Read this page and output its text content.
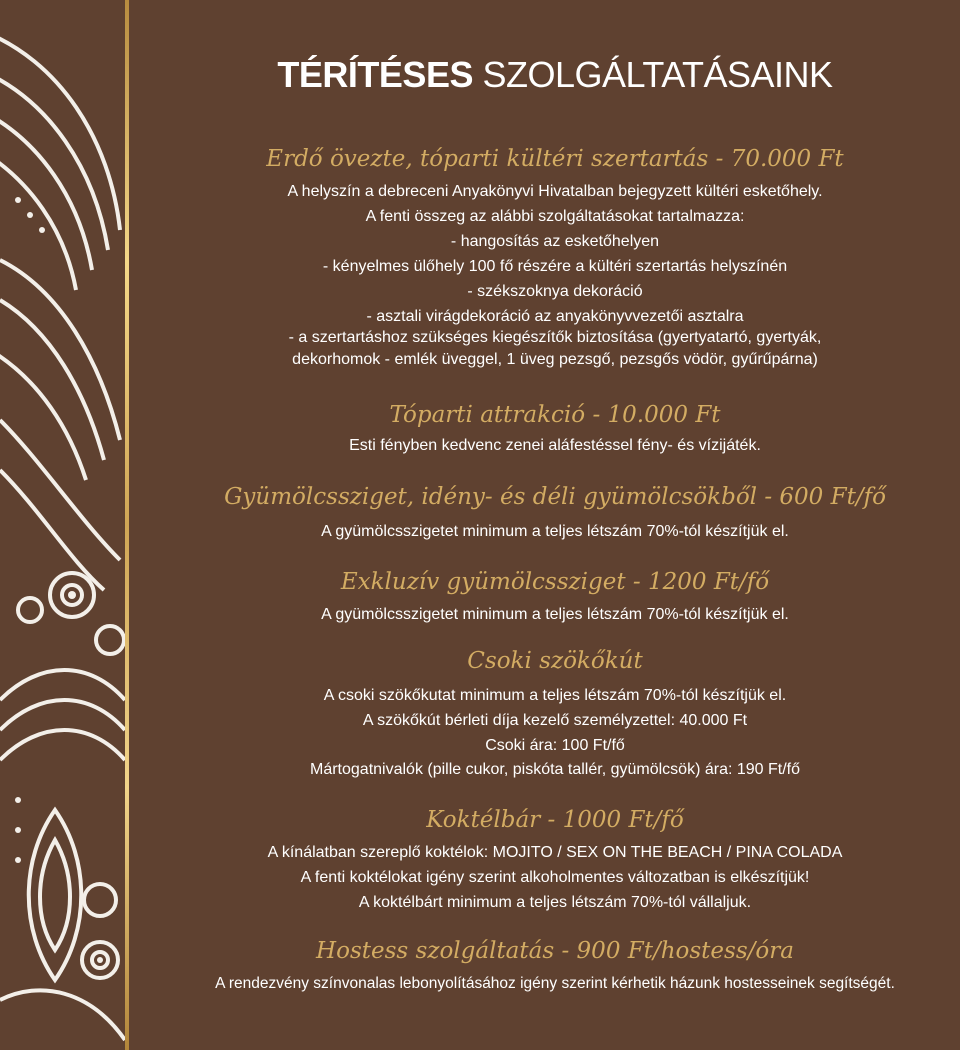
TÉRÍTÉSES SZOLGÁLTATÁSAINK
Erdő övezte, tóparti kültéri szertartás - 70.000 Ft
A helyszín a debreceni Anyakönyvi Hivatalban bejegyzett kültéri esketőhely.
A fenti összeg az alábbi szolgáltatásokat tartalmazza:
- hangosítás az esketőhelyen
- kényelmes ülőhely 100 fő részére a kültéri szertartás helyszínén
- székszoknya dekoráció
- asztali virágdekoráció az anyakönyvvezetői asztalra
- a szertartáshoz szükséges kiegészítők biztosítása (gyertyatartó, gyertyák,
dekorhomok - emlék üveggel, 1 üveg pezsgő, pezsgős vödör, gyűrűpárna)
Tóparti attrakció - 10.000 Ft
Esti fényben kedvenc zenei aláfestéssel fény- és vízijáték.
Gyümölcssziget, idény- és déli gyümölcsökből - 600 Ft/fő
A gyümölcsszigetet minimum a teljes létszám 70%-tól készítjük el.
Exkluzív gyümölcssziget - 1200 Ft/fő
A gyümölcsszigetet minimum a teljes létszám 70%-tól készítjük el.
Csoki szökőkút
A csoki szökőkutat minimum a teljes létszám 70%-tól készítjük el.
A szökőkút bérleti díja kezelő személyzettel: 40.000 Ft
Csoki ára: 100 Ft/fő
Mártogatnivalók (pille cukor, piskóta tallér, gyümölcsök) ára: 190 Ft/fő
Koktélbár - 1000 Ft/fő
A kínálatban szereplő koktélok: MOJITO / SEX ON THE BEACH / PINA COLADA
A fenti koktélokat igény szerint alkoholmentes változatban is elkészítjük!
A koktélbárt minimum a teljes létszám 70%-tól vállaljuk.
Hostess szolgáltatás - 900 Ft/hostess/óra
A rendezvény színvonalas lebonyolításához igény szerint kérhetik házunk hostesseinek segítségét.
